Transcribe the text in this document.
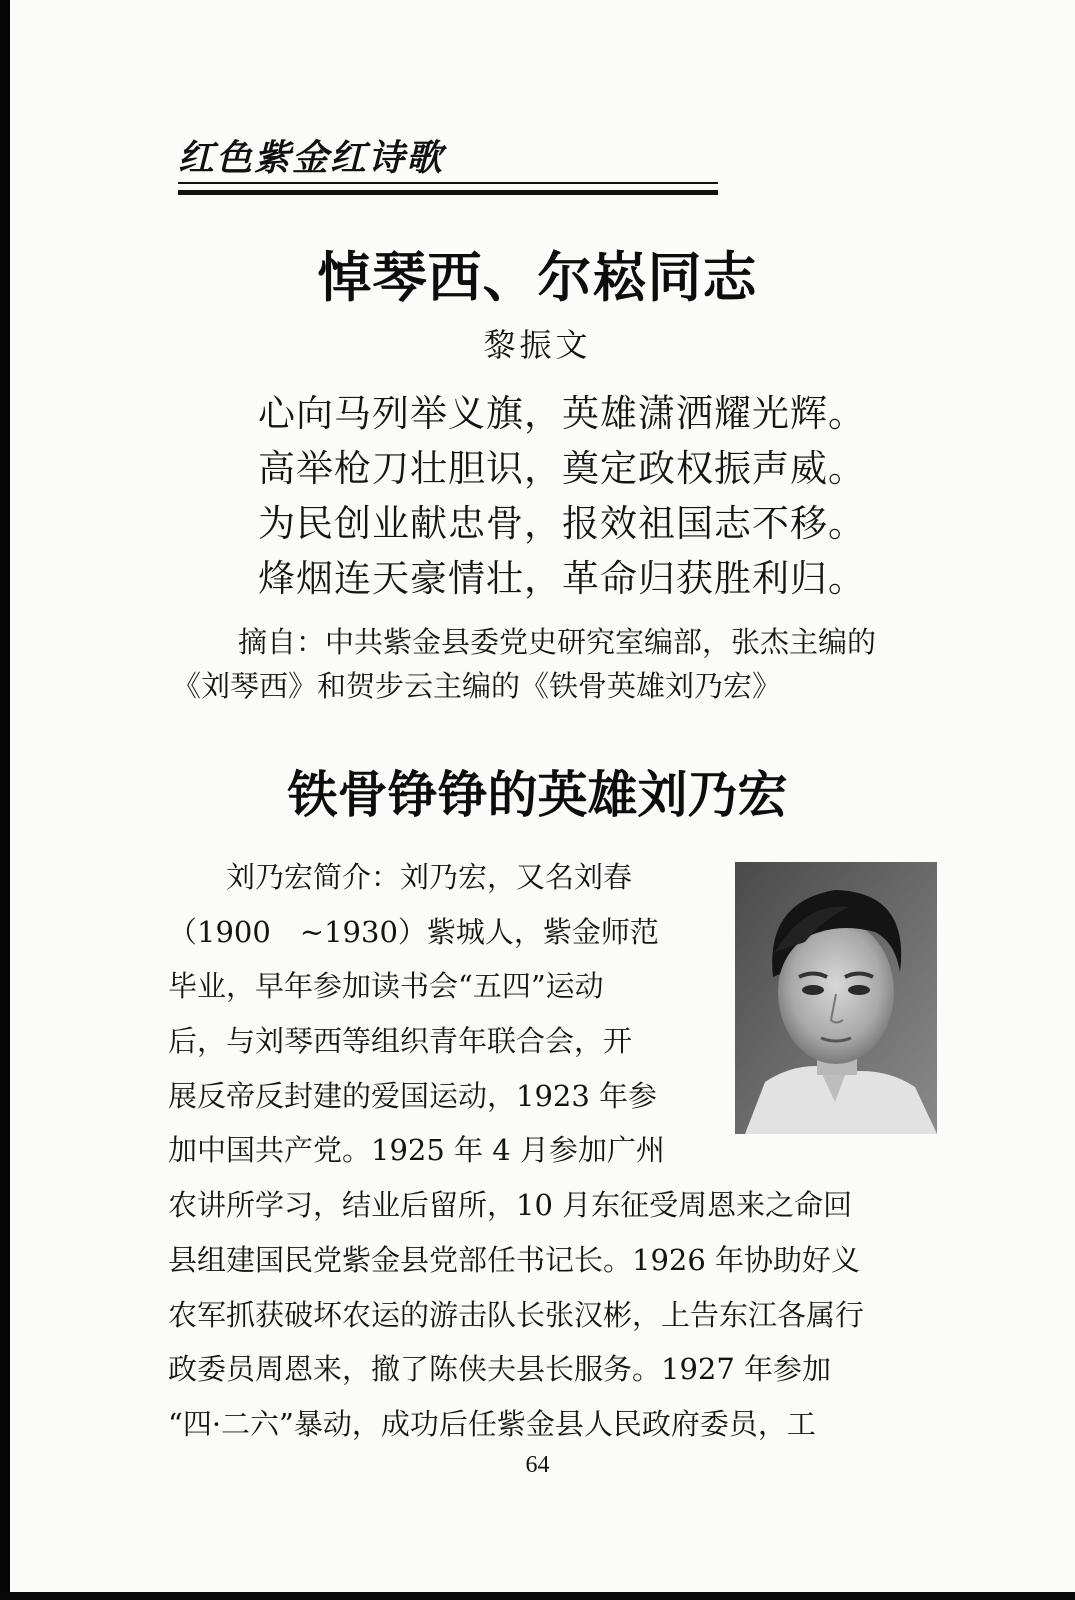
红色紫金红诗歌
悼琴西、尔崧同志
黎振文
心向马列举义旗，英雄潇洒耀光辉。
高举枪刀壮胆识，奠定政权振声威。
为民创业献忠骨，报效祖国志不移。
烽烟连天豪情壮，革命归获胜利归。

摘自：中共紫金县委党史研究室编部，张杰主编的

《刘琴西》和贺步云主编的《铁骨英雄刘乃宏》

铁骨铮铮的英雄刘乃宏
　　刘乃宏简介：刘乃宏，又名刘春
（1900　~1930）紫城人，紫金师范
毕业，早年参加读书会“五四”运动
后，与刘琴西等组织青年联合会，开
展反帝反封建的爱国运动，1923 年参
加中国共产党。1925 年 4 月参加广州
农讲所学习，结业后留所，10 月东征受周恩来之命回
县组建国民党紫金县党部任书记长。1926 年协助好义
农军抓获破坏农运的游击队长张汉彬，上告东江各属行
政委员周恩来，撤了陈侠夫县长服务。1927 年参加
“四·二六”暴动，成功后任紫金县人民政府委员，工
64
